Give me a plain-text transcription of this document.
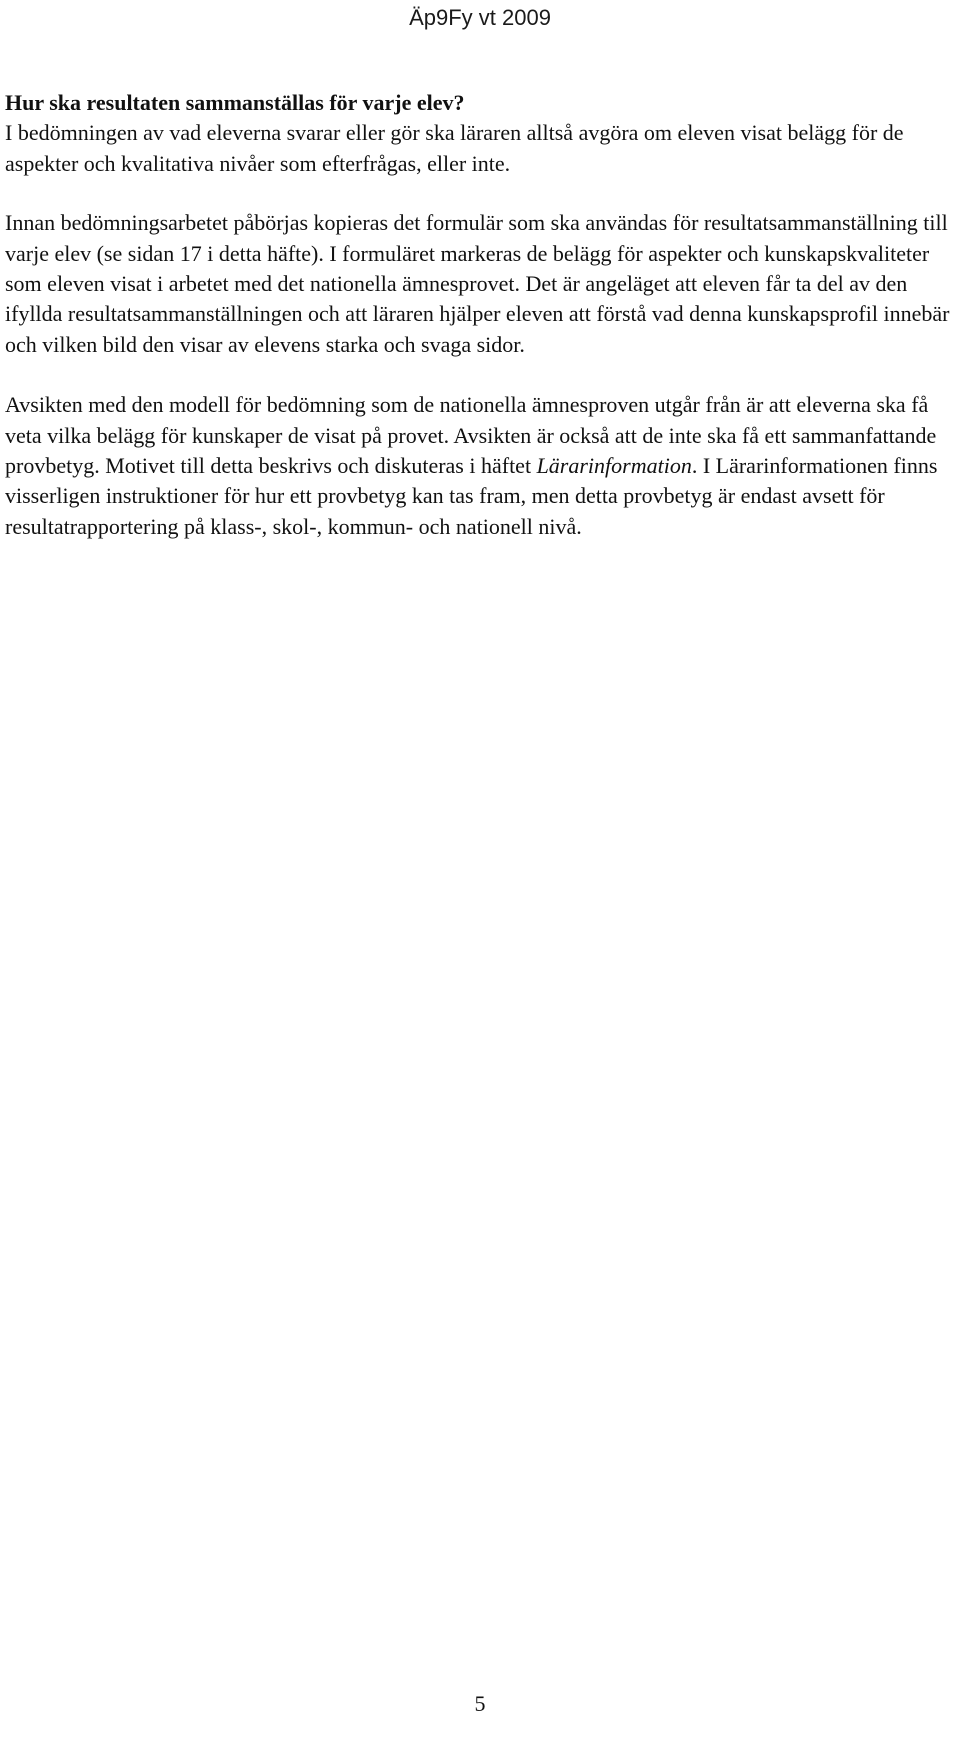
Äp9Fy vt 2009

Hur ska resultaten sammanställas för varje elev?
I bedömningen av vad eleverna svarar eller gör ska läraren alltså avgöra om eleven visat belägg för de aspekter och kvalitativa nivåer som efterfrågas, eller inte.

Innan bedömningsarbetet påbörjas kopieras det formulär som ska användas för resultatsammanställning till varje elev (se sidan 17 i detta häfte). I formuläret markeras de belägg för aspekter och kunskapskvaliteter som eleven visat i arbetet med det nationella ämnesprovet. Det är angeläget att eleven får ta del av den ifyllda resultatsammanställningen och att läraren hjälper eleven att förstå vad denna kunskapsprofil innebär och vilken bild den visar av elevens starka och svaga sidor.

Avsikten med den modell för bedömning som de nationella ämnesproven utgår från är att eleverna ska få veta vilka belägg för kunskaper de visat på provet. Avsikten är också att de inte ska få ett sammanfattande provbetyg. Motivet till detta beskrivs och diskuteras i häftet Lärarinformation. I Lärarinformationen finns visserligen instruktioner för hur ett provbetyg kan tas fram, men detta provbetyg är endast avsett för resultatrapportering på klass-, skol-, kommun- och nationell nivå.

5
